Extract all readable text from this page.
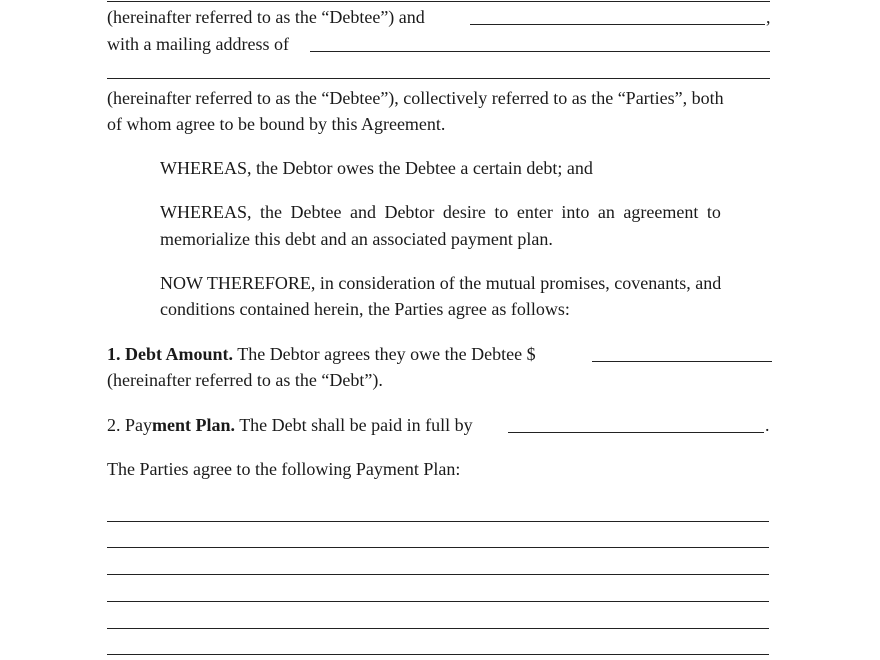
(hereinafter referred to as the “Debtee”) and	,
with a mailing address of
(hereinafter referred to as the “Debtee”), collectively referred to as the “Parties”, both
of whom agree to be bound by this Agreement.
WHEREAS, the Debtor owes the Debtee a certain debt; and
WHEREAS, the Debtee and Debtor desire to enter into an agreement to
memorialize this debt and an associated payment plan.
NOW THEREFORE, in consideration of the mutual promises, covenants, and
conditions contained herein, the Parties agree as follows:
1. Debt Amount. The Debtor agrees they owe the Debtee $
(hereinafter referred to as the “Debt”).
2. Payment Plan. The Debt shall be paid in full by	.
The Parties agree to the following Payment Plan:
